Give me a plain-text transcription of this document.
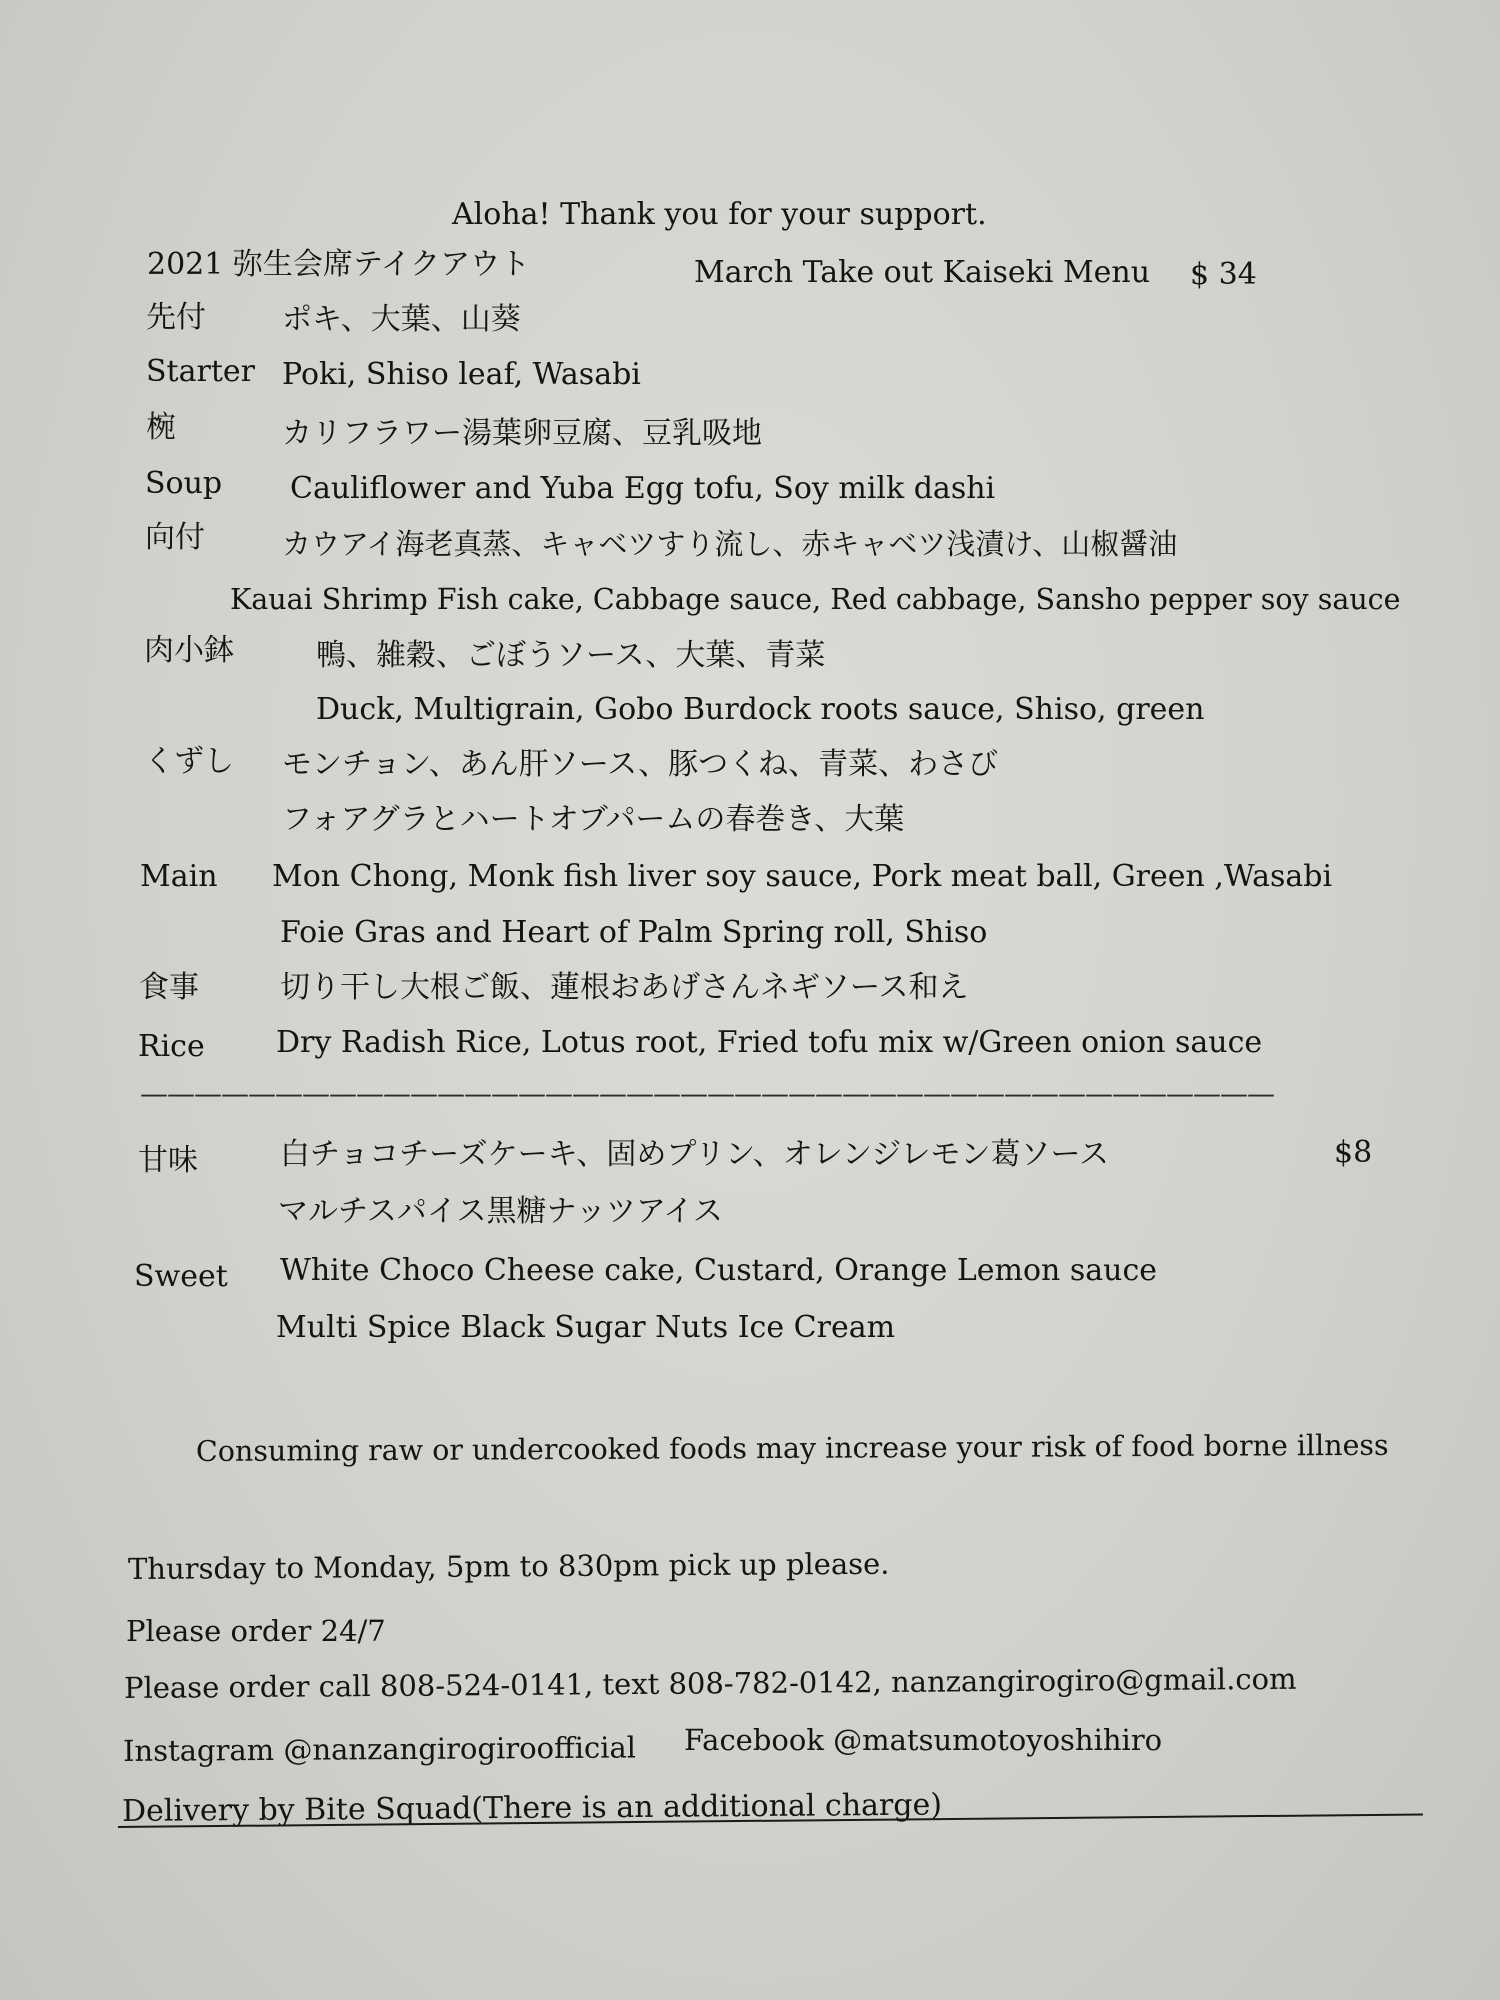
Aloha! Thank you for your support.
2021 弥生会席テイクアウト	March Take out Kaiseki Menu $ 34
先付	ポキ、大葉、山葵
Starter Poki, Shiso leaf, Wasabi
椀	カリフラワー湯葉卵豆腐、豆乳吸地
Soup Cauliflower and Yuba Egg tofu, Soy milk dashi
向付	カウアイ海老真蒸、キャベツすり流し、赤キャベツ浅漬け、山椒醤油
Kauai Shrimp Fish cake, Cabbage sauce, Red cabbage, Sansho pepper soy sauce
肉小鉢	鴨、雑穀、ごぼうソース、大葉、青菜
Duck, Multigrain, Gobo Burdock roots sauce, Shiso, green
くずし モンチョン、あん肝ソース、豚つくね、青菜、わさび
フォアグラとハートオブパームの春巻き、大葉
Main Mon Chong, Monk fish liver soy sauce, Pork meat ball, Green ,Wasabi
Foie Gras and Heart of Palm Spring roll, Shiso
食事	切り干し大根ご飯、蓮根おあげさんネギソース和え
Rice Dry Radish Rice, Lotus root, Fried tofu mix w/Green onion sauce
——————————————————————————————————————————
甘味	白チョコチーズケーキ、固めプリン、オレンジレモン葛ソース	$8
マルチスパイス黒糖ナッツアイス
Sweet White Choco Cheese cake, Custard, Orange Lemon sauce
Multi Spice Black Sugar Nuts Ice Cream
Consuming raw or undercooked foods may increase your risk of food borne illness
Thursday to Monday, 5pm to 830pm pick up please.
Please order 24/7
Please order call 808-524-0141, text 808-782-0142, nanzangirogiro@gmail.com
Instagram @nanzangirogiroofficial Facebook @matsumotoyoshihiro
Delivery by Bite Squad(There is an additional charge)
